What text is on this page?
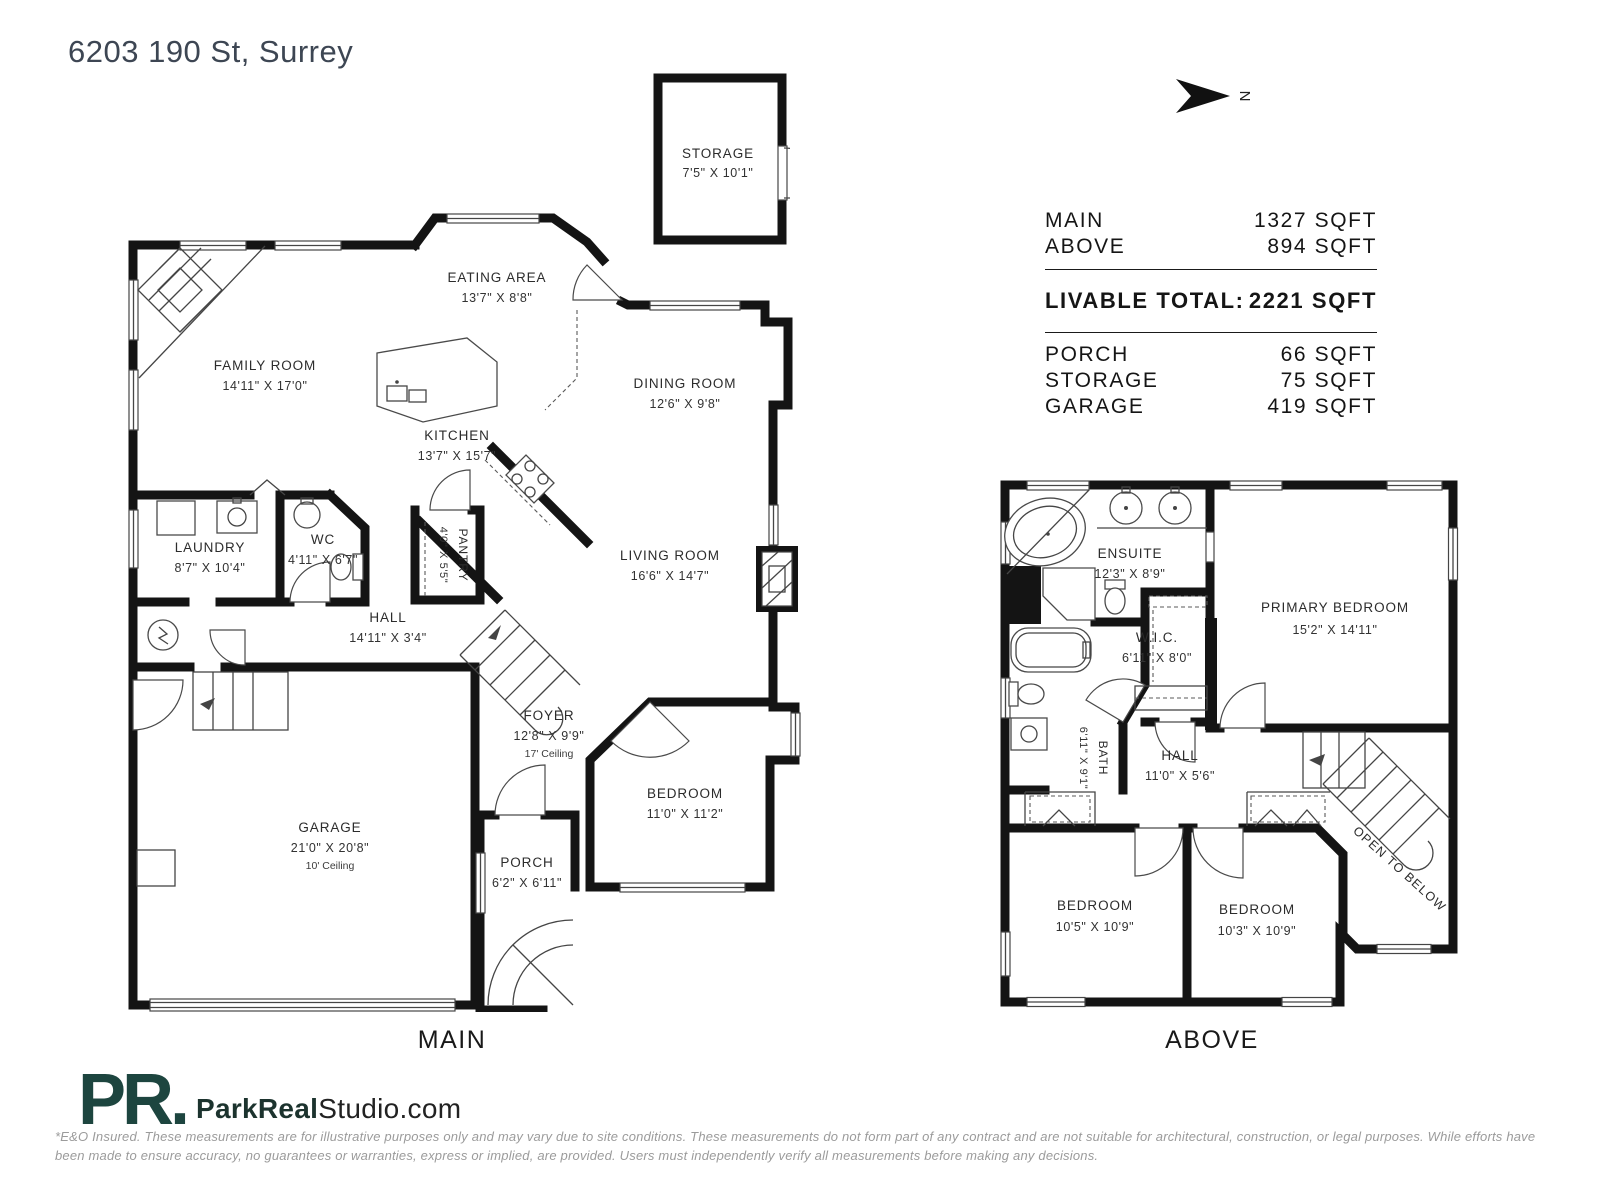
6203 190 St, Surrey
N
MAIN	1327 SQFT
ABOVE	894 SQFT
LIVABLE TOTAL: 2221 SQFT
PORCH	66 SQFT
STORAGE	75 SQFT
GARAGE	419 SQFT
STORAGE
7'5" X 10'1"
FAMILY ROOM
14'11" X 17'0"
EATING AREA
13'7" X 8'8"
KITCHEN
13'7" X 15'7"
DINING ROOM
12'6" X 9'8"
LIVING ROOM
16'6" X 14'7"
LAUNDRY
8'7" X 10'4"
WC
4'11" X 6'7"	PANTRY
4'0" X 5'5"
HALL
14'11" X 3'4"
FOYER
12'8" X 9'9"
17' Ceiling
GARAGE
21'0" X 20'8"
10' Ceiling	PORCH
6'2" X 6'11"
BEDROOM
11'0" X 11'2"
ENSUITE
12'3" X 8'9"
PRIMARY BEDROOM
15'2" X 14'11"
W.I.C.
6'11" X 8'0"
BATH
6'11" X 9'1"	HALL
11'0" X 5'6"
BEDROOM
10'5" X 10'9"
BEDROOM
10'3" X 10'9"
OPEN TO BELOW
MAIN	ABOVE
PR. ParkRealStudio.com
*E&O Insured. These measurements are for illustrative purposes only and may vary due to site conditions. These measurements do not form part of any contract and are not suitable for architectural, construction, or legal purposes. While efforts have been made to ensure accuracy, no guarantees or warranties, express or implied, are provided. Users must independently verify all measurements before making any decisions.
